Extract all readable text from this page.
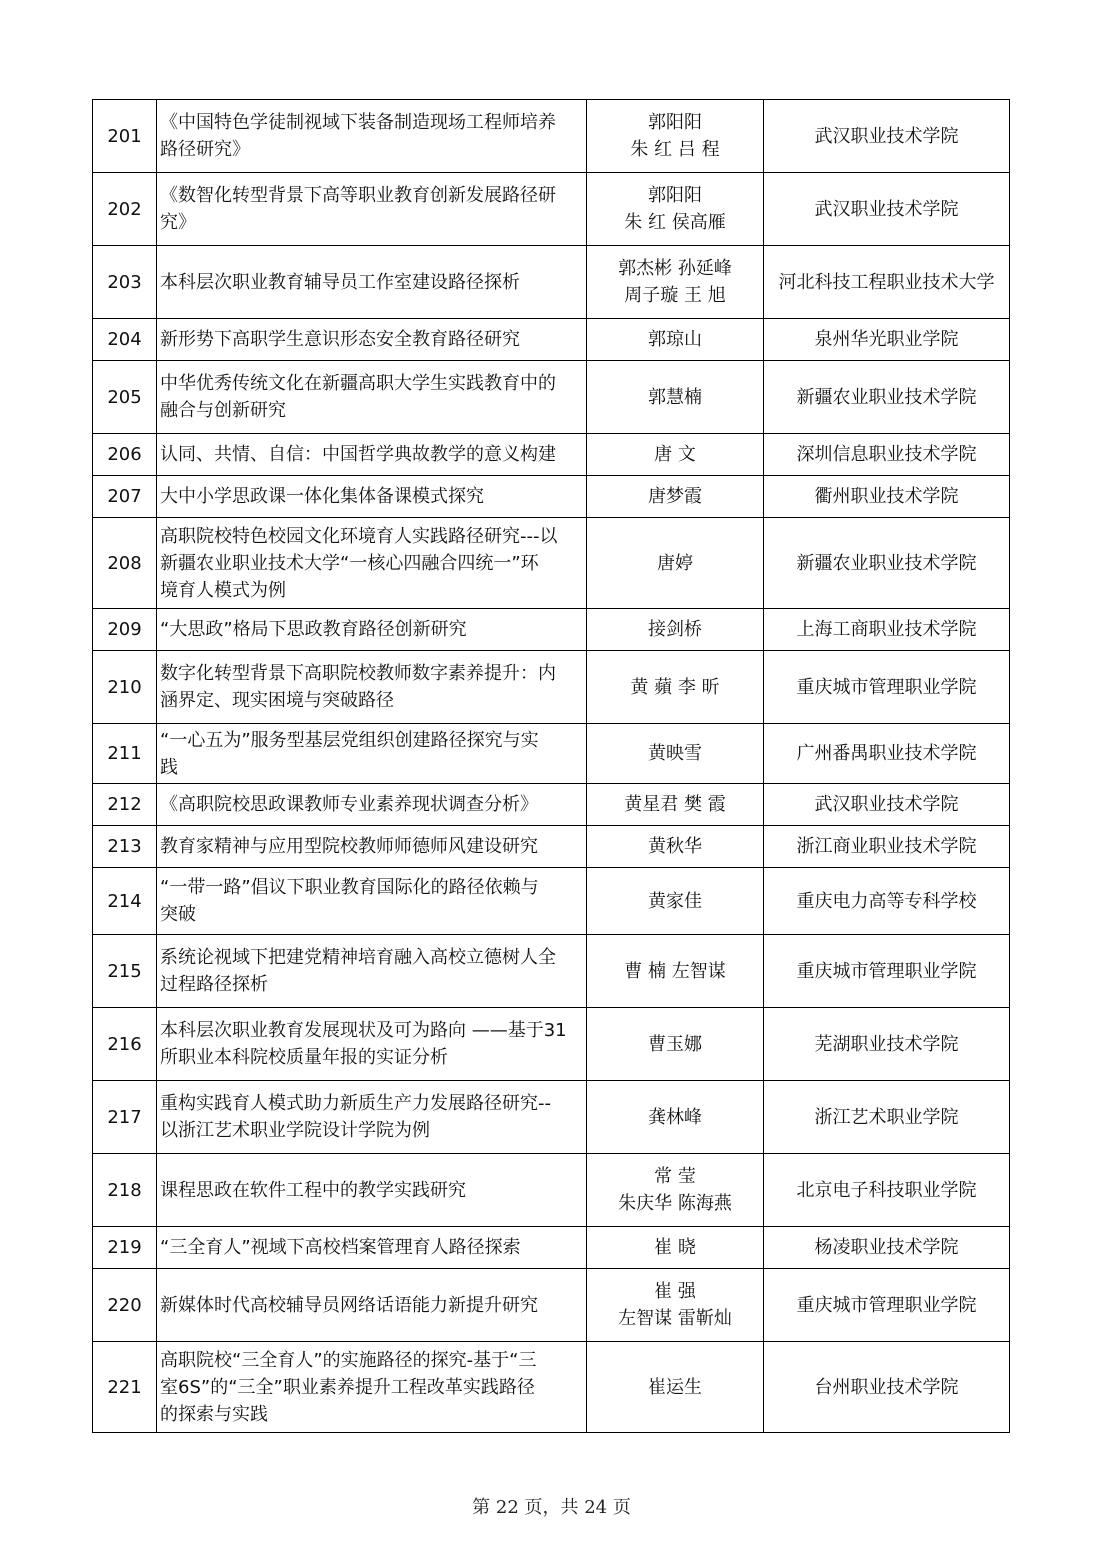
201	《中国特色学徒制视域下装备制造现场工程师培养
路径研究》	郭阳阳
朱 红 吕 程	武汉职业技术学院
202	《数智化转型背景下高等职业教育创新发展路径研
究》	郭阳阳
朱 红 侯高雁	武汉职业技术学院
203	本科层次职业教育辅导员工作室建设路径探析	郭杰彬 孙延峰
周子璇 王 旭	河北科技工程职业技术大学
204	新形势下高职学生意识形态安全教育路径研究	郭琼山	泉州华光职业学院
205	中华优秀传统文化在新疆高职大学生实践教育中的
融合与创新研究	郭慧楠	新疆农业职业技术学院
206	认同、共情、自信：中国哲学典故教学的意义构建	唐 文	深圳信息职业技术学院
207	大中小学思政课一体化集体备课模式探究	唐梦霞	衢州职业技术学院
208	高职院校特色校园文化环境育人实践路径研究---以
新疆农业职业技术大学“一核心四融合四统一”环
境育人模式为例	唐婷	新疆农业职业技术学院
209	“大思政”格局下思政教育路径创新研究	接剑桥	上海工商职业技术学院
210	数字化转型背景下高职院校教师数字素养提升：内
涵界定、现实困境与突破路径	黄 蘋 李 昕	重庆城市管理职业学院
211	“一心五为”服务型基层党组织创建路径探究与实
践	黄映雪	广州番禺职业技术学院
212	《高职院校思政课教师专业素养现状调查分析》	黄星君 樊 霞	武汉职业技术学院
213	教育家精神与应用型院校教师师德师风建设研究	黄秋华	浙江商业职业技术学院
214	“一带一路”倡议下职业教育国际化的路径依赖与
突破	黄家佳	重庆电力高等专科学校
215	系统论视域下把建党精神培育融入高校立德树人全
过程路径探析	曹 楠 左智谋	重庆城市管理职业学院
216	本科层次职业教育发展现状及可为路向 ——基于31
所职业本科院校质量年报的实证分析	曹玉娜	芜湖职业技术学院
217	重构实践育人模式助力新质生产力发展路径研究--
以浙江艺术职业学院设计学院为例	龚林峰	浙江艺术职业学院
218	课程思政在软件工程中的教学实践研究	常 莹
朱庆华 陈海燕	北京电子科技职业学院
219	“三全育人”视域下高校档案管理育人路径探索	崔 晓	杨凌职业技术学院
220	新媒体时代高校辅导员网络话语能力新提升研究	崔 强
左智谋 雷靳灿	重庆城市管理职业学院
221	高职院校“三全育人”的实施路径的探究-基于“三
室6S”的“三全”职业素养提升工程改革实践路径
的探索与实践	崔运生	台州职业技术学院
第 22 页，共 24 页
